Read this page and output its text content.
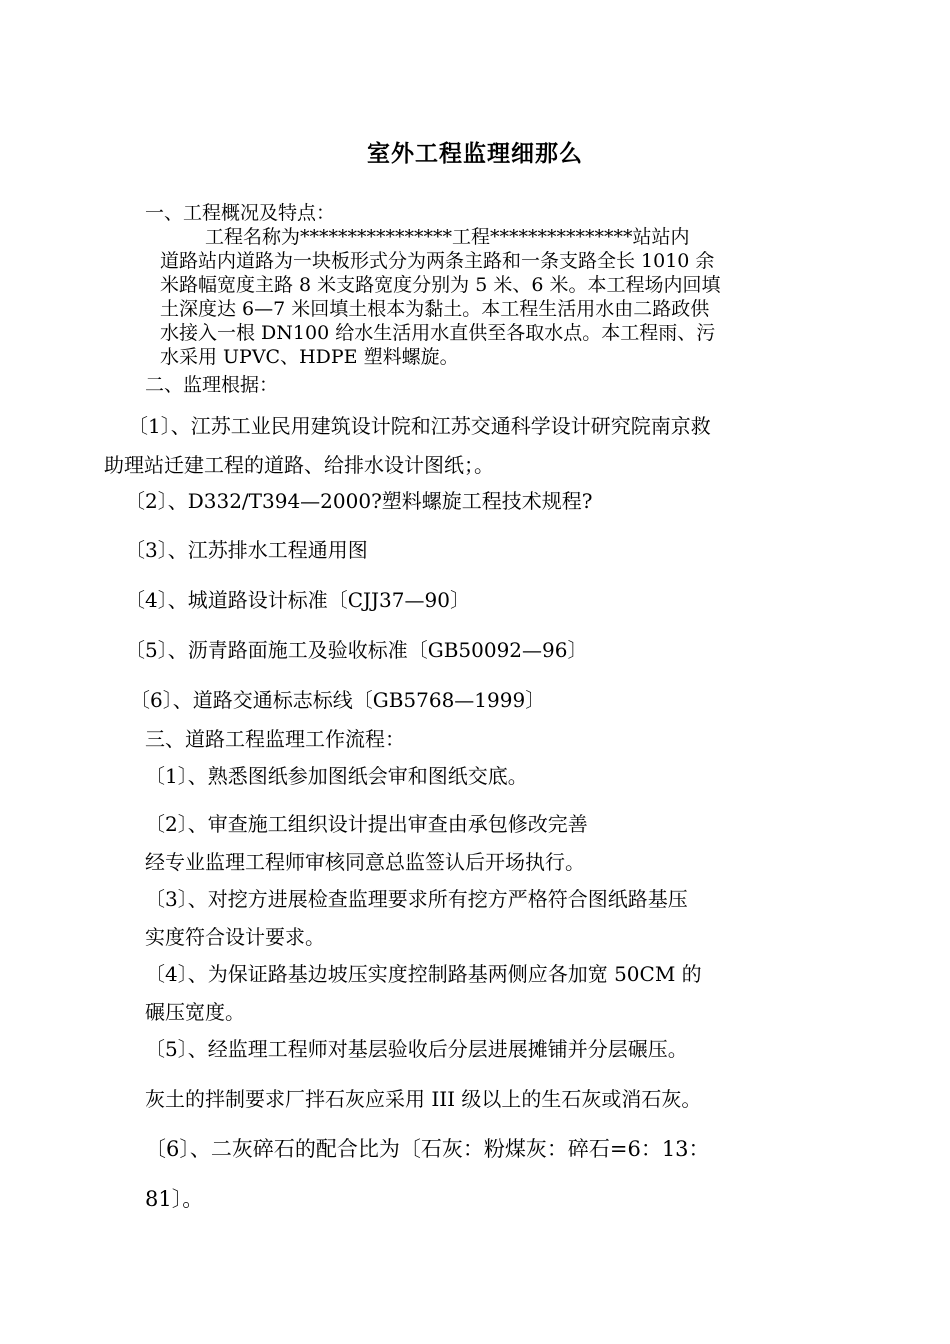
室外工程监理细那么
一、工程概况及特点：
工程名称为****************工程***************站站内
道路站内道路为一块板形式分为两条主路和一条支路全长 1010 余
米路幅宽度主路 8 米支路宽度分别为 5 米、6 米。本工程场内回填
土深度达 6—7 米回填土根本为黏土。本工程生活用水由二路政供
水接入一根 DN100 给水生活用水直供至各取水点。本工程雨、污
水采用 UPVC、HDPE 塑料螺旋。
二、监理根据：
〔1〕、江苏工业民用建筑设计院和江苏交通科学设计研究院南京救
助理站迁建工程的道路、给排水设计图纸；。
〔2〕、D332/T394—2000?塑料螺旋工程技术规程?
〔3〕、江苏排水工程通用图
〔4〕、城道路设计标准〔CJJ37—90〕
〔5〕、沥青路面施工及验收标准〔GB50092—96〕
〔6〕、道路交通标志标线〔GB5768—1999〕
三、道路工程监理工作流程：
〔1〕、熟悉图纸参加图纸会审和图纸交底。
〔2〕、审查施工组织设计提出审查由承包修改完善
经专业监理工程师审核同意总监签认后开场执行。
〔3〕、对挖方进展检查监理要求所有挖方严格符合图纸路基压
实度符合设计要求。
〔4〕、为保证路基边坡压实度控制路基两侧应各加宽 50CM 的
碾压宽度。
〔5〕、经监理工程师对基层验收后分层进展摊铺并分层碾压。
灰土的拌制要求厂拌石灰应采用 III 级以上的生石灰或消石灰。
〔6〕、二灰碎石的配合比为〔石灰：粉煤灰：碎石=6：13：
81〕。
